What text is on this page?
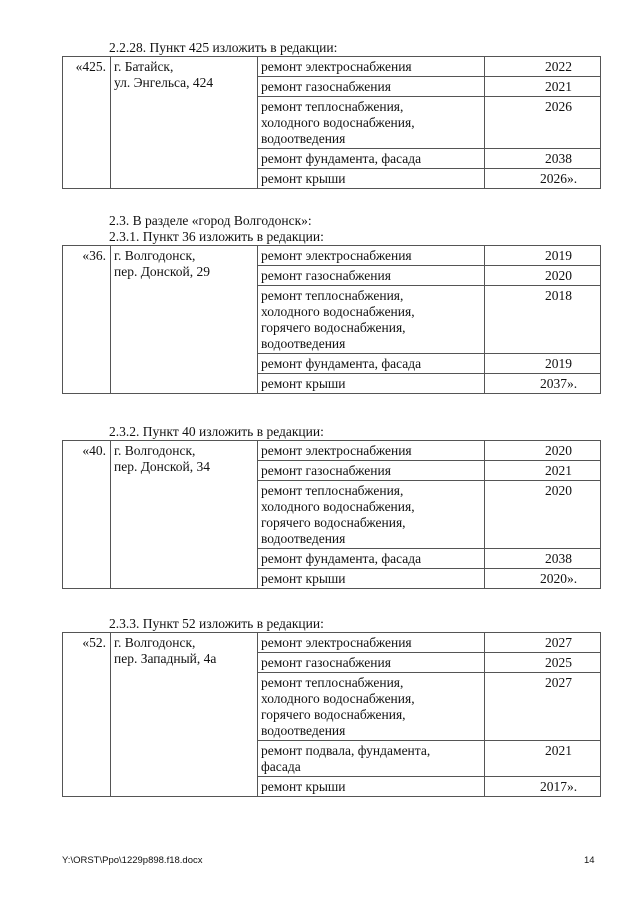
2.2.28. Пункт 425 изложить в редакции:
«425.	г. Батайск,
ул. Энгельса, 424	ремонт электроснабжения	2022

		ремонт газоснабжения	2021

		ремонт теплоснабжения,
холодного водоснабжения,
водоотведения	2026

		ремонт фундамента, фасада	2038

		ремонт крыши	2026».
2.3. В разделе «город Волгодонск»:
2.3.1. Пункт 36 изложить в редакции:
«36.	г. Волгодонск,
пер. Донской, 29	ремонт электроснабжения	2019

		ремонт газоснабжения	2020

		ремонт теплоснабжения,
холодного водоснабжения,
горячего водоснабжения,
водоотведения	2018

		ремонт фундамента, фасада	2019

		ремонт крыши	2037».
2.3.2. Пункт 40 изложить в редакции:
«40.	г. Волгодонск,
пер. Донской, 34	ремонт электроснабжения	2020

		ремонт газоснабжения	2021

		ремонт теплоснабжения,
холодного водоснабжения,
горячего водоснабжения,
водоотведения	2020

		ремонт фундамента, фасада	2038

		ремонт крыши	2020».
2.3.3. Пункт 52 изложить в редакции:
«52.	г. Волгодонск,
пер. Западный, 4а	ремонт электроснабжения	2027

		ремонт газоснабжения	2025

		ремонт теплоснабжения,
холодного водоснабжения,
горячего водоснабжения,
водоотведения	2027

		ремонт подвала, фундамента,
фасада	2021

		ремонт крыши	2017».
Y:\ORST\Ppo\1229p898.f18.docx	14
